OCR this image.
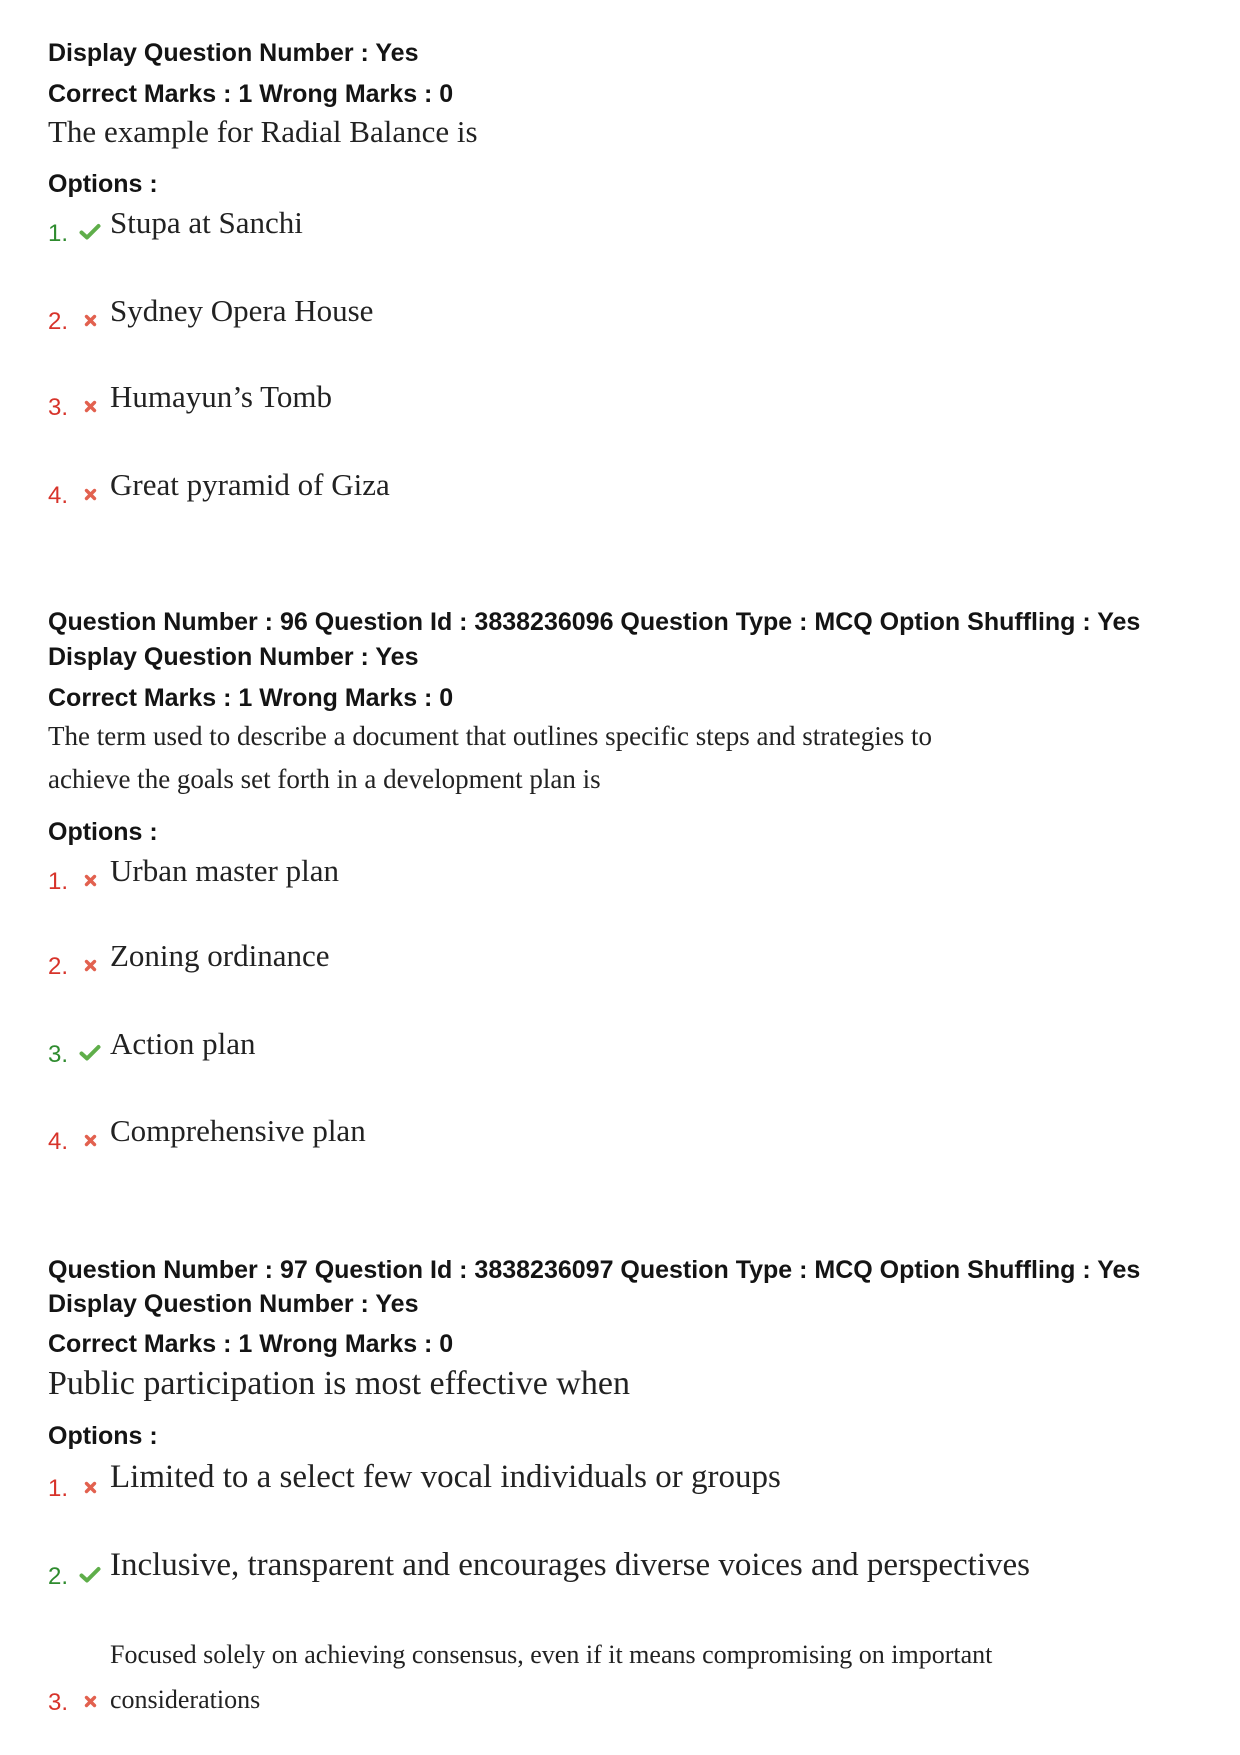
Display Question Number : Yes
Correct Marks : 1 Wrong Marks : 0
The example for Radial Balance is
Options :
1. Stupa at Sanchi
2. Sydney Opera House
3. Humayun’s Tomb
4. Great pyramid of Giza
Question Number : 96 Question Id : 3838236096 Question Type : MCQ Option Shuffling : Yes
Display Question Number : Yes
Correct Marks : 1 Wrong Marks : 0
The term used to describe a document that outlines specific steps and strategies to
achieve the goals set forth in a development plan is
Options :
1. Urban master plan
2. Zoning ordinance
3. Action plan
4. Comprehensive plan
Question Number : 97 Question Id : 3838236097 Question Type : MCQ Option Shuffling : Yes
Display Question Number : Yes
Correct Marks : 1 Wrong Marks : 0
Public participation is most effective when
Options :
1. Limited to a select few vocal individuals or groups
2. Inclusive, transparent and encourages diverse voices and perspectives
3.
Focused solely on achieving consensus, even if it means compromising on important
considerations
